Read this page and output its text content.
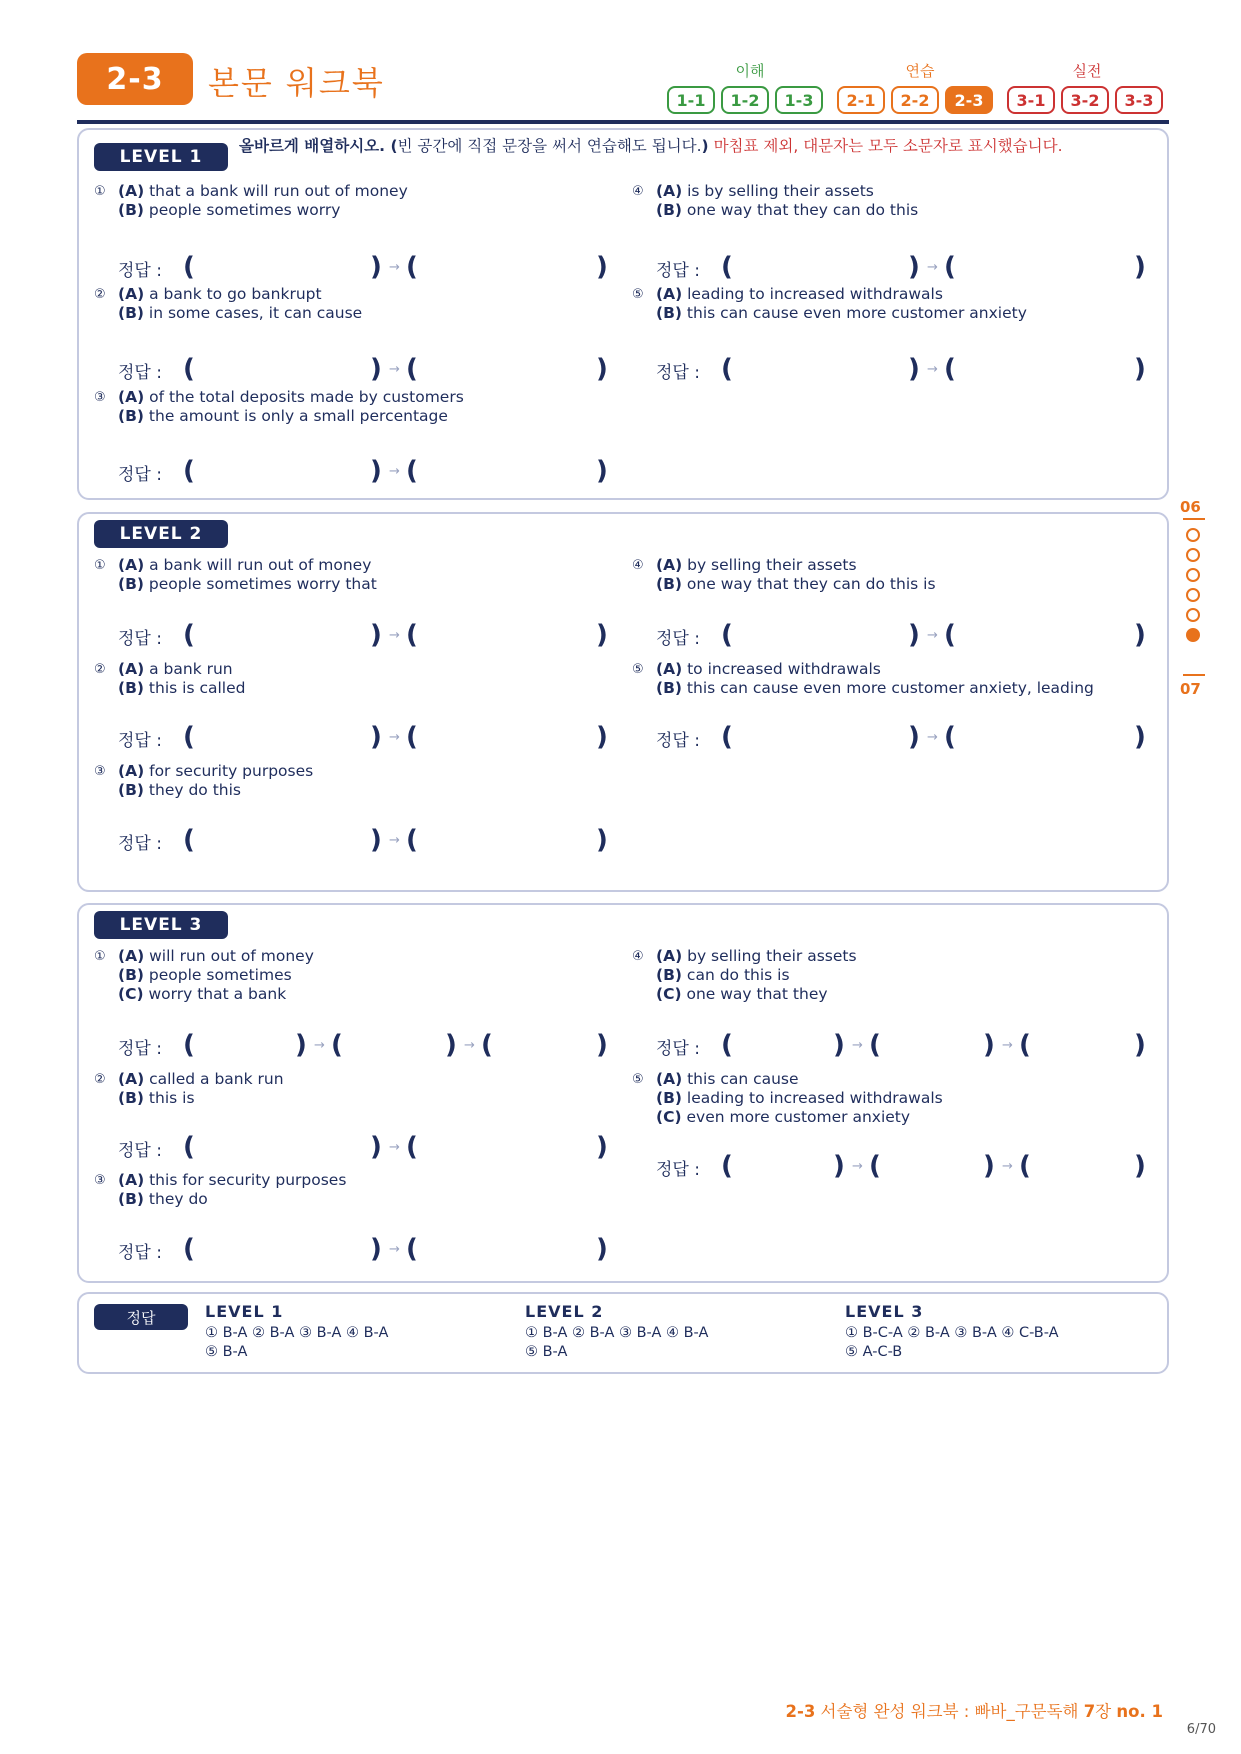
2-3	본문 워크북	이해	연습	실전
1-1	1-2	1-3	2-1	2-2	2-3	3-1	3-2	3-3
LEVEL 1
올바르게 배열하시오. (빈 공간에 직접 문장을 써서 연습해도 됩니다.) 마침표 제외, 대문자는 모두 소문자로 표시했습니다.
① (A) that a bank will run out of money
(B) people sometimes worry
정답 : (	) → (	)
② (A) a bank to go bankrupt
(B) in some cases, it can cause
정답 : (	) → (	)
③ (A) of the total deposits made by customers
(B) the amount is only a small percentage
정답 : (	) → (	)
④ (A) is by selling their assets
(B) one way that they can do this
정답 : (	) → (	)
⑤ (A) leading to increased withdrawals
(B) this can cause even more customer anxiety
정답 : (	) → (	)
LEVEL 2
① (A) a bank will run out of money
(B) people sometimes worry that
정답 : (	) → (	)
② (A) a bank run
(B) this is called
정답 : (	) → (	)
③ (A) for security purposes
(B) they do this
정답 : (	) → (	)
④ (A) by selling their assets
(B) one way that they can do this is
정답 : (	) → (	)
⑤ (A) to increased withdrawals
(B) this can cause even more customer anxiety, leading
정답 : (	) → (	)
LEVEL 3
① (A) will run out of money
(B) people sometimes
(C) worry that a bank
정답 : (	) → (	) → (	)
② (A) called a bank run
(B) this is
정답 : (	) → (	)
③ (A) this for security purposes
(B) they do
정답 : (	) → (	)
④ (A) by selling their assets
(B) can do this is
(C) one way that they
정답 : (	) → (	) → (	)
⑤ (A) this can cause
(B) leading to increased withdrawals
(C) even more customer anxiety
정답 : (	) → (	) → (	)
정답	LEVEL 1
① B-A ② B-A ③ B-A ④ B-A
⑤ B-A
LEVEL 2
① B-A ② B-A ③ B-A ④ B-A
⑤ B-A
LEVEL 3
① B-C-A ② B-A ③ B-A ④ C-B-A
⑤ A-C-B
06
07
2-3 서술형 완성 워크북 : 빠바_구문독해 7장 no. 1
6/70
